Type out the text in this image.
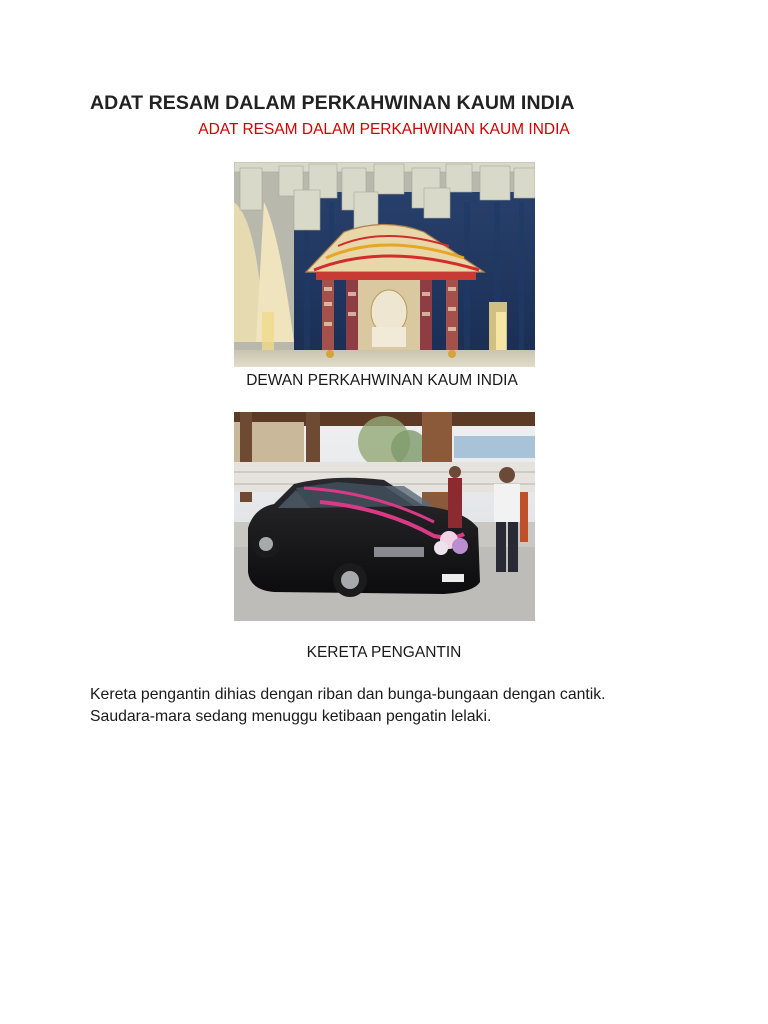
ADAT RESAM DALAM PERKAHWINAN KAUM INDIA
ADAT RESAM DALAM PERKAHWINAN KAUM INDIA
DEWAN PERKAHWINAN KAUM INDIA
KERETA PENGANTIN
Kereta pengantin dihias dengan riban dan bunga-bungaan dengan cantik. Saudara-mara sedang menuggu ketibaan pengatin lelaki.
